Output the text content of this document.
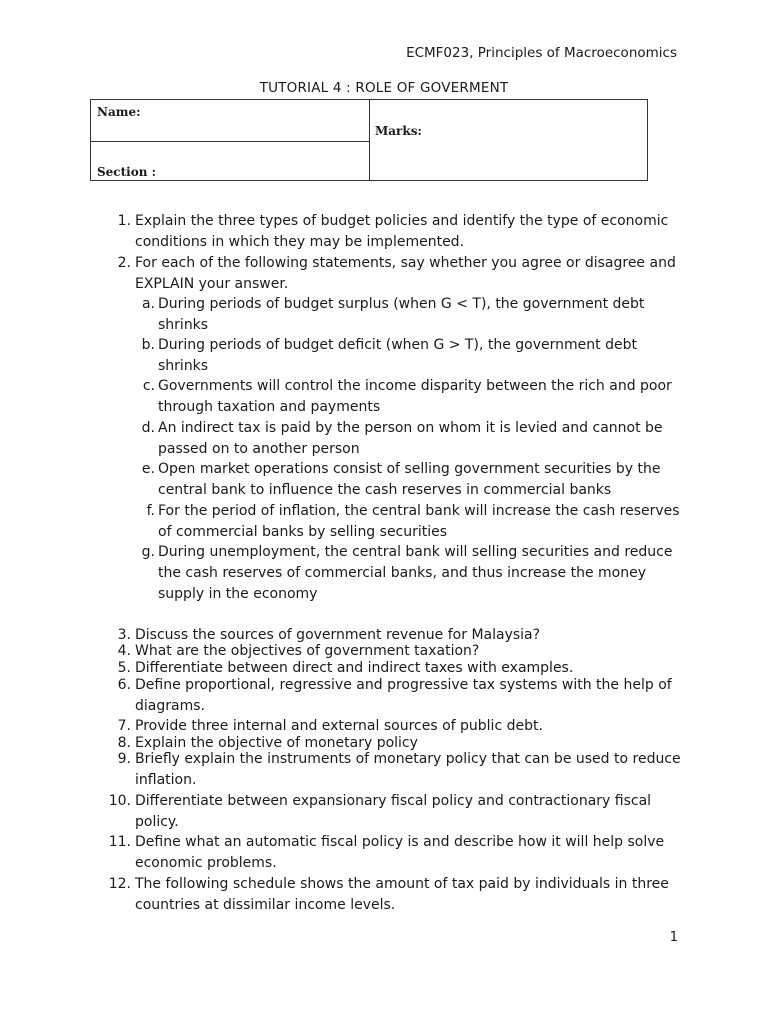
ECMF023, Principles of Macroeconomics
TUTORIAL 4 : ROLE OF GOVERMENT
Name:
Section :
Marks:
1. Explain the three types of budget policies and identify the type of economic
conditions in which they may be implemented.
2. For each of the following statements, say whether you agree or disagree and
EXPLAIN your answer.
a. During periods of budget surplus (when G < T), the government debt
shrinks
b. During periods of budget deficit (when G > T), the government debt
shrinks
c. Governments will control the income disparity between the rich and poor
through taxation and payments
d. An indirect tax is paid by the person on whom it is levied and cannot be
passed on to another person
e. Open market operations consist of selling government securities by the
central bank to influence the cash reserves in commercial banks
f. For the period of inflation, the central bank will increase the cash reserves
of commercial banks by selling securities
g. During unemployment, the central bank will selling securities and reduce
the cash reserves of commercial banks, and thus increase the money
supply in the economy
3. Discuss the sources of government revenue for Malaysia?
4. What are the objectives of government taxation?
5. Differentiate between direct and indirect taxes with examples.
6. Define proportional, regressive and progressive tax systems with the help of
diagrams.
7. Provide three internal and external sources of public debt.
8. Explain the objective of monetary policy
9. Briefly explain the instruments of monetary policy that can be used to reduce
inflation.
10. Differentiate between expansionary fiscal policy and contractionary fiscal
policy.
11. Define what an automatic fiscal policy is and describe how it will help solve
economic problems.
12. The following schedule shows the amount of tax paid by individuals in three
countries at dissimilar income levels.
1
